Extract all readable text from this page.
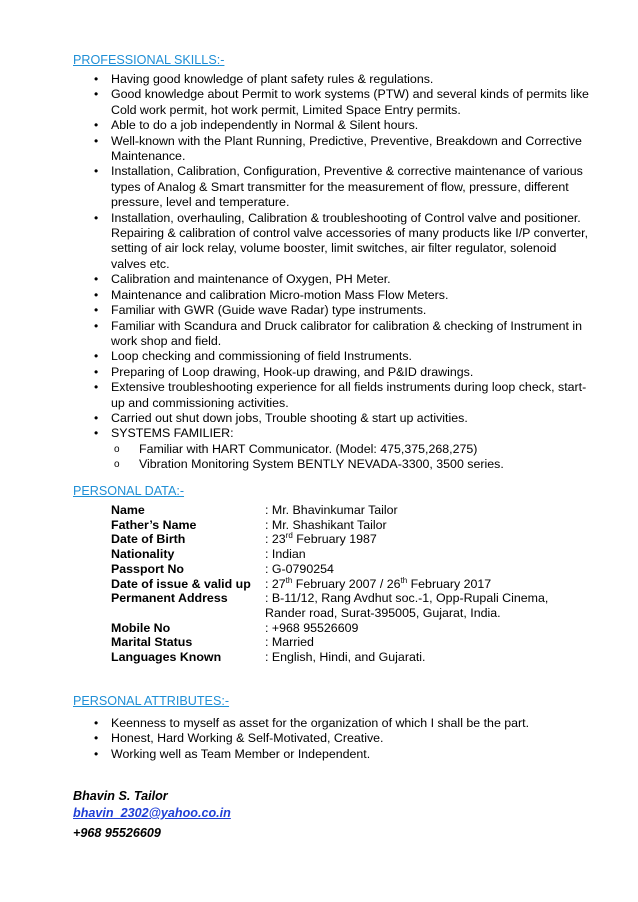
PROFESSIONAL SKILLS:-
• Having good knowledge of plant safety rules & regulations.
• Good knowledge about Permit to work systems (PTW) and several kinds of permits like Cold work permit, hot work permit, Limited Space Entry permits.
• Able to do a job independently in Normal & Silent hours.
• Well-known with the Plant Running, Predictive, Preventive, Breakdown and Corrective Maintenance.
• Installation, Calibration, Configuration, Preventive & corrective maintenance of various types of Analog & Smart transmitter for the measurement of flow, pressure, different pressure, level and temperature.
• Installation, overhauling, Calibration & troubleshooting of Control valve and positioner. Repairing & calibration of control valve accessories of many products like I/P converter, setting of air lock relay, volume booster, limit switches, air filter regulator, solenoid valves etc.
• Calibration and maintenance of Oxygen, PH Meter.
• Maintenance and calibration Micro-motion Mass Flow Meters.
• Familiar with GWR (Guide wave Radar) type instruments.
• Familiar with Scandura and Druck calibrator for calibration & checking of Instrument in work shop and field.
• Loop checking and commissioning of field Instruments.
• Preparing of Loop drawing, Hook-up drawing, and P&ID drawings.
• Extensive troubleshooting experience for all fields instruments during loop check, start-up and commissioning activities.
• Carried out shut down jobs, Trouble shooting & start up activities.
• SYSTEMS FAMILIER:
o Familiar with HART Communicator. (Model: 475,375,268,275)
o Vibration Monitoring System BENTLY NEVADA-3300, 3500 series.
PERSONAL DATA:-
Name	: Mr. Bhavinkumar Tailor
Father’s Name	: Mr. Shashikant Tailor
Date of Birth	: 23rd February 1987
Nationality	: Indian
Passport No	: G-0790254
Date of issue & valid up	: 27th February 2007 / 26th February 2017
Permanent Address	: B-11/12, Rang Avdhut soc.-1, Opp-Rupali Cinema,
Rander road, Surat-395005, Gujarat, India.

Mobile No	: +968 95526609
Marital Status	: Married
Languages Known	: English, Hindi, and Gujarati.
PERSONAL ATTRIBUTES:-
• Keenness to myself as asset for the organization of which I shall be the part.
• Honest, Hard Working & Self-Motivated, Creative.
• Working well as Team Member or Independent.
Bhavin S. Tailor
bhavin_2302@yahoo.co.in
+968 95526609
